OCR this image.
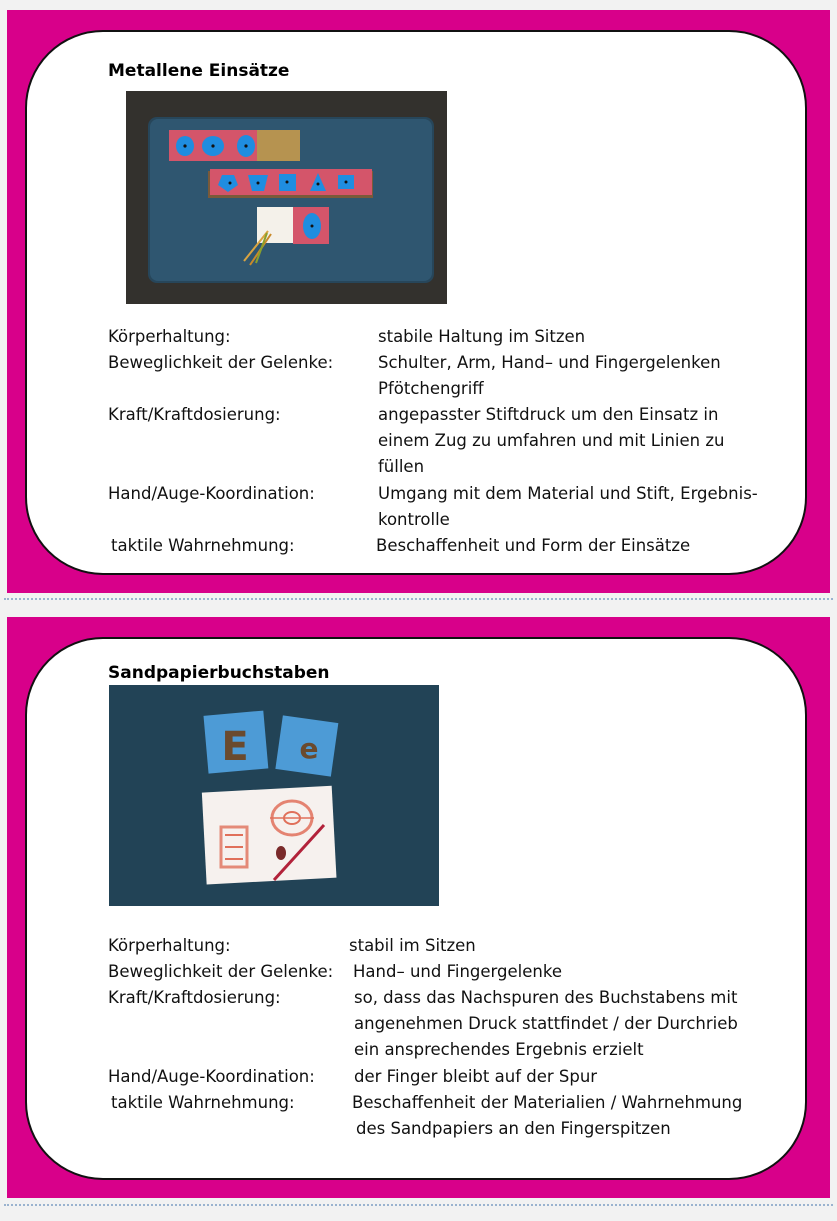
Metallene Einsätze
Körperhaltung:	stabile Haltung im Sitzen
Beweglichkeit der Gelenke:	Schulter, Arm, Hand– und Fingergelenken
Pfötchengriff
Kraft/Kraftdosierung:	angepasster Stiftdruck um den Einsatz in
einem Zug zu umfahren und mit Linien zu
füllen
Hand/Auge-Koordination:	Umgang mit dem Material und Stift, Ergebnis-
kontrolle
taktile Wahrnehmung:	Beschaffenheit und Form der Einsätze
Sandpapierbuchstaben
E e
Körperhaltung:	stabil im Sitzen
Beweglichkeit der Gelenke: Hand– und Fingergelenke
Kraft/Kraftdosierung:	so, dass das Nachspuren des Buchstabens mit
angenehmen Druck stattfindet / der Durchrieb
ein ansprechendes Ergebnis erzielt
Hand/Auge-Koordination: der Finger bleibt auf der Spur
taktile Wahrnehmung:	Beschaffenheit der Materialien / Wahrnehmung
des Sandpapiers an den Fingerspitzen
